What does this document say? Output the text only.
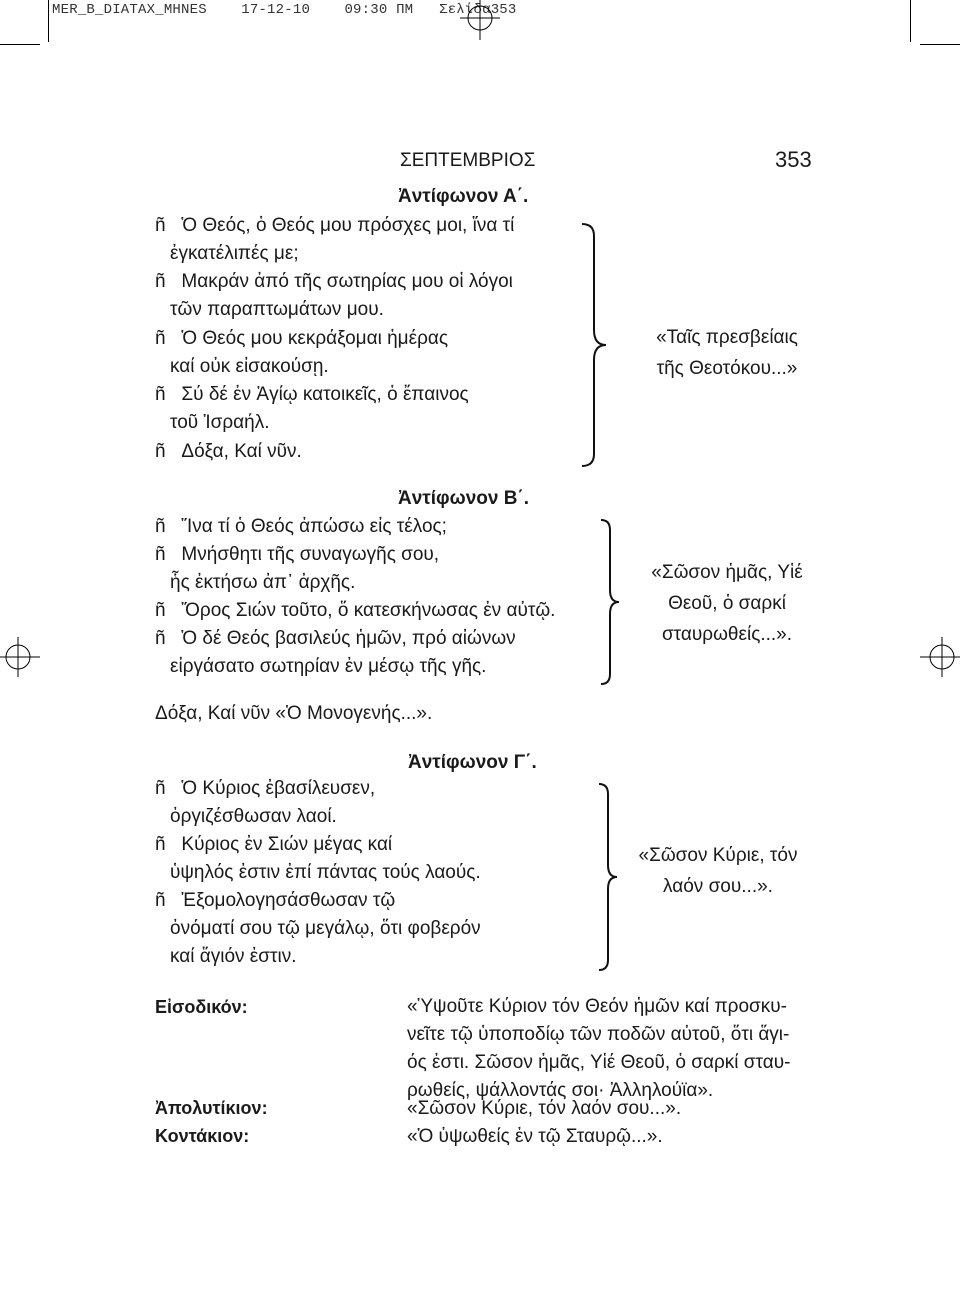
MER_B_DIATAX_MHNES 17-12-10 09:30 ΠΜ Σελίδα353
ΣΕΠΤΕΜΒΡΙΟΣ	353
Ἀντίφωνον Α΄.
ñ Ὁ Θεός, ὁ Θεός μου πρόσχες μοι, ἵνα τί
ἐγκατέλιπές με;
ñ Μακράν ἀπό τῆς σωτηρίας μου οἱ λόγοι
τῶν παραπτωμάτων μου.
ñ Ὁ Θεός μου κεκράξομαι ἡμέρας
καί οὐκ εἰσακούσῃ.
ñ Σύ δέ ἐν Ἁγίῳ κατοικεῖς, ὁ ἔπαινος
τοῦ Ἰσραήλ.
ñ Δόξα, Καί νῦν.
«Ταῖς πρεσβείαις
τῆς Θεοτόκου...»
Ἀντίφωνον Β΄.
ñ Ἵνα τί ὁ Θεός ἀπώσω εἰς τέλος;
ñ Μνήσθητι τῆς συναγωγῆς σου,
ἧς ἐκτήσω ἀπ᾽ ἀρχῆς.
ñ Ὄρος Σιών τοῦτο, ὅ κατεσκήνωσας ἐν αὐτῷ.
ñ Ὁ δέ Θεός βασιλεύς ἡμῶν, πρό αἰώνων
εἰργάσατο σωτηρίαν ἐν μέσῳ τῆς γῆς.
«Σῶσον ἡμᾶς, Υἱέ
Θεοῦ, ὁ σαρκί
σταυρωθείς...».
Δόξα, Καί νῦν «Ὁ Μονογενής...».
Ἀντίφωνον Γ΄.
ñ Ὁ Κύριος ἐβασίλευσεν,
ὀργιζέσθωσαν λαοί.
ñ Κύριος ἐν Σιών μέγας καί
ὑψηλός ἐστιν ἐπί πάντας τούς λαούς.
ñ Ἐξομολογησάσθωσαν τῷ
ὀνόματί σου τῷ μεγάλῳ, ὅτι φοβερόν
καί ἅγιόν ἐστιν.
«Σῶσον Κύριε, τόν
λαόν σου...».
Εἰσοδικόν:	«Ὑψοῦτε Κύριον τόν Θεόν ἡμῶν καί προσκυ-
νεῖτε τῷ ὑποποδίῳ τῶν ποδῶν αὐτοῦ, ὅτι ἅγι-
ός ἐστι. Σῶσον ἡμᾶς, Υἱέ Θεοῦ, ὁ σαρκί σταυ-
ρωθείς, ψάλλοντάς σοι· Ἀλληλούϊα».
Ἀπολυτίκιον:	«Σῶσον Κύριε, τόν λαόν σου...».
Κοντάκιον:	«Ὁ ὑψωθείς ἐν τῷ Σταυρῷ...».
